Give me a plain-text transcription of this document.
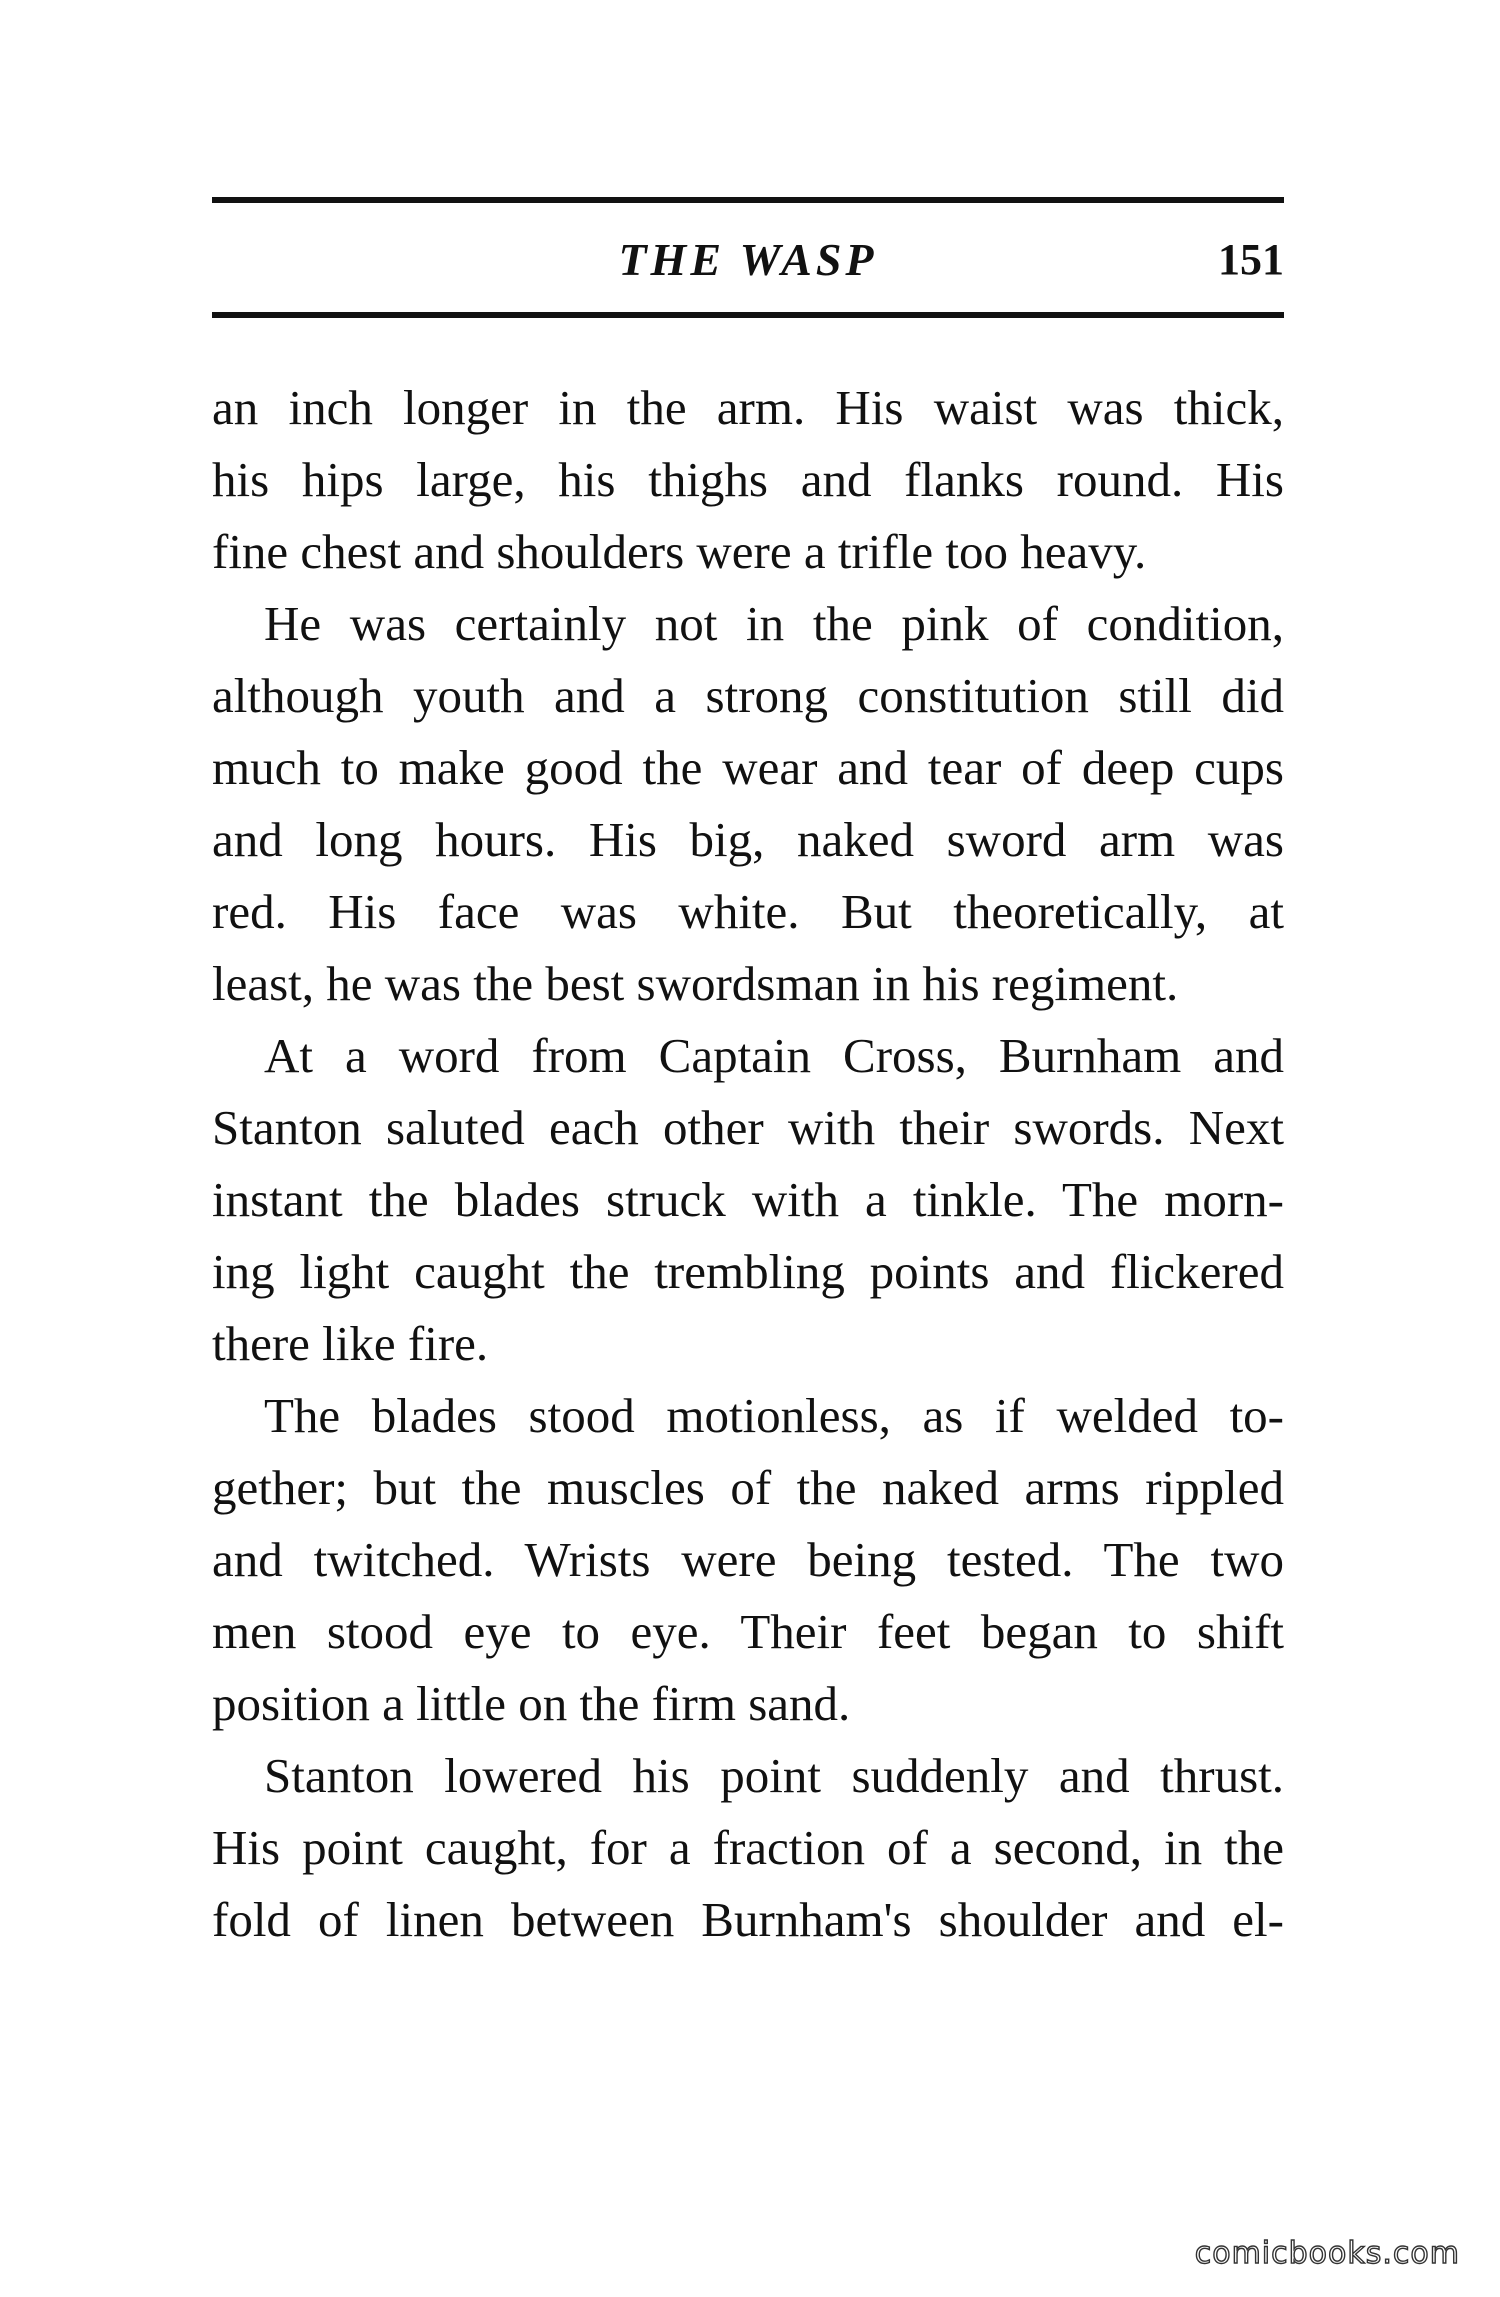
THE WASP	151
an inch longer in the arm. His waist was thick,
his hips large, his thighs and flanks round. His
fine chest and shoulders were a trifle too heavy.
He was certainly not in the pink of condition,
although youth and a strong constitution still did
much to make good the wear and tear of deep cups
and long hours. His big, naked sword arm was
red. His face was white. But theoretically, at
least, he was the best swordsman in his regiment.
At a word from Captain Cross, Burnham and
Stanton saluted each other with their swords. Next
instant the blades struck with a tinkle. The morn-
ing light caught the trembling points and flickered
there like fire.
The blades stood motionless, as if welded to-
gether; but the muscles of the naked arms rippled
and twitched. Wrists were being tested. The two
men stood eye to eye. Their feet began to shift
position a little on the firm sand.
Stanton lowered his point suddenly and thrust.
His point caught, for a fraction of a second, in the
fold of linen between Burnham's shoulder and el-
comicbooks.com
